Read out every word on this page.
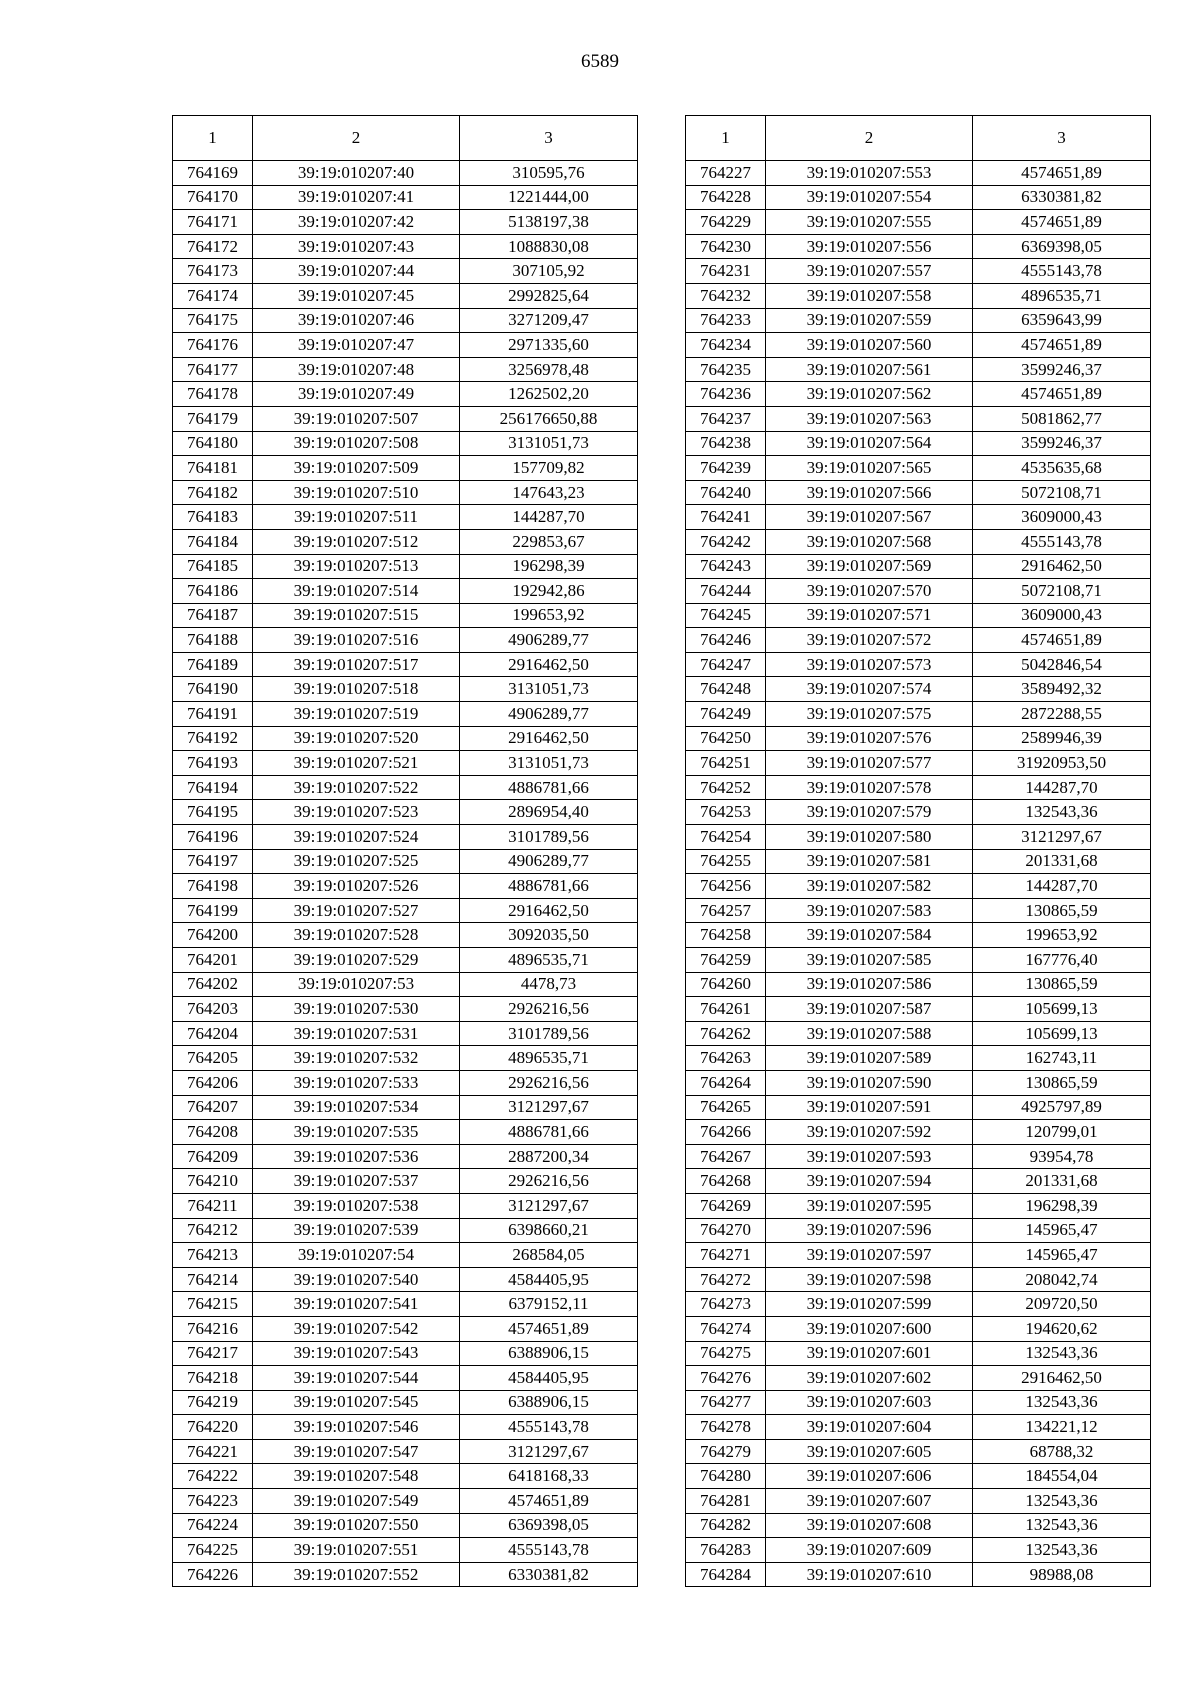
6589
1	2	3
764169	39:19:010207:40	310595,76
764170	39:19:010207:41	1221444,00
764171	39:19:010207:42	5138197,38
764172	39:19:010207:43	1088830,08
764173	39:19:010207:44	307105,92
764174	39:19:010207:45	2992825,64
764175	39:19:010207:46	3271209,47
764176	39:19:010207:47	2971335,60
764177	39:19:010207:48	3256978,48
764178	39:19:010207:49	1262502,20
764179	39:19:010207:507	256176650,88
764180	39:19:010207:508	3131051,73
764181	39:19:010207:509	157709,82
764182	39:19:010207:510	147643,23
764183	39:19:010207:511	144287,70
764184	39:19:010207:512	229853,67
764185	39:19:010207:513	196298,39
764186	39:19:010207:514	192942,86
764187	39:19:010207:515	199653,92
764188	39:19:010207:516	4906289,77
764189	39:19:010207:517	2916462,50
764190	39:19:010207:518	3131051,73
764191	39:19:010207:519	4906289,77
764192	39:19:010207:520	2916462,50
764193	39:19:010207:521	3131051,73
764194	39:19:010207:522	4886781,66
764195	39:19:010207:523	2896954,40
764196	39:19:010207:524	3101789,56
764197	39:19:010207:525	4906289,77
764198	39:19:010207:526	4886781,66
764199	39:19:010207:527	2916462,50
764200	39:19:010207:528	3092035,50
764201	39:19:010207:529	4896535,71
764202	39:19:010207:53	4478,73
764203	39:19:010207:530	2926216,56
764204	39:19:010207:531	3101789,56
764205	39:19:010207:532	4896535,71
764206	39:19:010207:533	2926216,56
764207	39:19:010207:534	3121297,67
764208	39:19:010207:535	4886781,66
764209	39:19:010207:536	2887200,34
764210	39:19:010207:537	2926216,56
764211	39:19:010207:538	3121297,67
764212	39:19:010207:539	6398660,21
764213	39:19:010207:54	268584,05
764214	39:19:010207:540	4584405,95
764215	39:19:010207:541	6379152,11
764216	39:19:010207:542	4574651,89
764217	39:19:010207:543	6388906,15
764218	39:19:010207:544	4584405,95
764219	39:19:010207:545	6388906,15
764220	39:19:010207:546	4555143,78
764221	39:19:010207:547	3121297,67
764222	39:19:010207:548	6418168,33
764223	39:19:010207:549	4574651,89
764224	39:19:010207:550	6369398,05
764225	39:19:010207:551	4555143,78
764226	39:19:010207:552	6330381,82
1	2	3
764227	39:19:010207:553	4574651,89
764228	39:19:010207:554	6330381,82
764229	39:19:010207:555	4574651,89
764230	39:19:010207:556	6369398,05
764231	39:19:010207:557	4555143,78
764232	39:19:010207:558	4896535,71
764233	39:19:010207:559	6359643,99
764234	39:19:010207:560	4574651,89
764235	39:19:010207:561	3599246,37
764236	39:19:010207:562	4574651,89
764237	39:19:010207:563	5081862,77
764238	39:19:010207:564	3599246,37
764239	39:19:010207:565	4535635,68
764240	39:19:010207:566	5072108,71
764241	39:19:010207:567	3609000,43
764242	39:19:010207:568	4555143,78
764243	39:19:010207:569	2916462,50
764244	39:19:010207:570	5072108,71
764245	39:19:010207:571	3609000,43
764246	39:19:010207:572	4574651,89
764247	39:19:010207:573	5042846,54
764248	39:19:010207:574	3589492,32
764249	39:19:010207:575	2872288,55
764250	39:19:010207:576	2589946,39
764251	39:19:010207:577	31920953,50
764252	39:19:010207:578	144287,70
764253	39:19:010207:579	132543,36
764254	39:19:010207:580	3121297,67
764255	39:19:010207:581	201331,68
764256	39:19:010207:582	144287,70
764257	39:19:010207:583	130865,59
764258	39:19:010207:584	199653,92
764259	39:19:010207:585	167776,40
764260	39:19:010207:586	130865,59
764261	39:19:010207:587	105699,13
764262	39:19:010207:588	105699,13
764263	39:19:010207:589	162743,11
764264	39:19:010207:590	130865,59
764265	39:19:010207:591	4925797,89
764266	39:19:010207:592	120799,01
764267	39:19:010207:593	93954,78
764268	39:19:010207:594	201331,68
764269	39:19:010207:595	196298,39
764270	39:19:010207:596	145965,47
764271	39:19:010207:597	145965,47
764272	39:19:010207:598	208042,74
764273	39:19:010207:599	209720,50
764274	39:19:010207:600	194620,62
764275	39:19:010207:601	132543,36
764276	39:19:010207:602	2916462,50
764277	39:19:010207:603	132543,36
764278	39:19:010207:604	134221,12
764279	39:19:010207:605	68788,32
764280	39:19:010207:606	184554,04
764281	39:19:010207:607	132543,36
764282	39:19:010207:608	132543,36
764283	39:19:010207:609	132543,36
764284	39:19:010207:610	98988,08
